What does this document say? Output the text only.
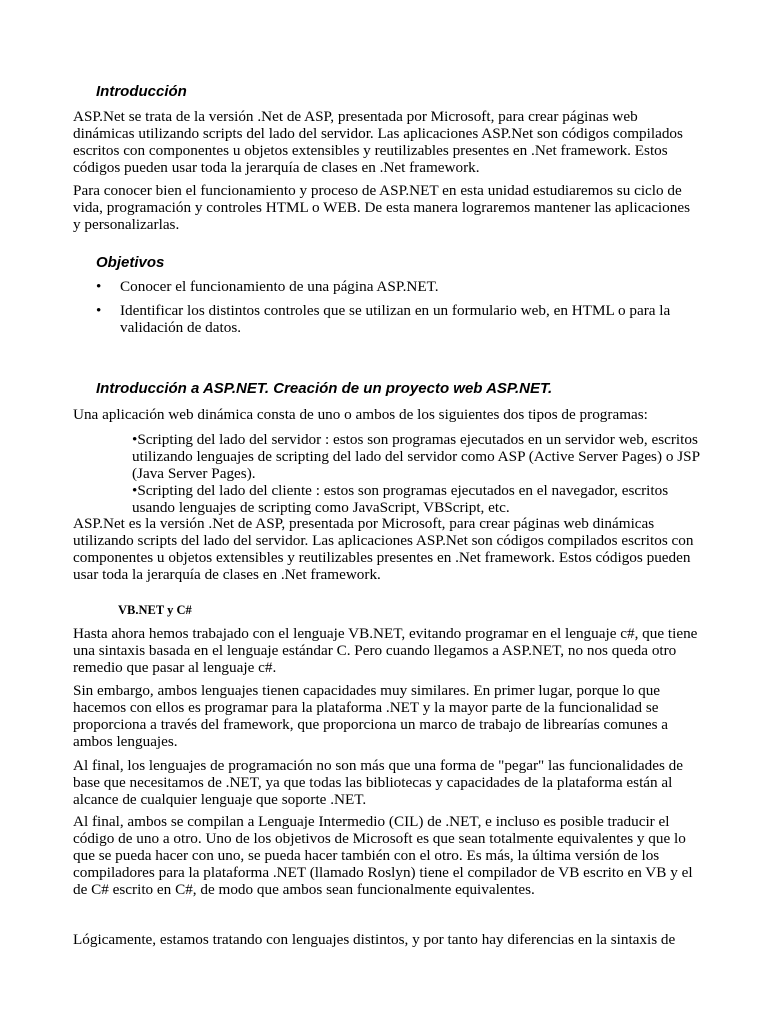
Introducción

ASP.Net se trata de la versión .Net de ASP, presentada por Microsoft, para crear páginas web dinámicas utilizando scripts del lado del servidor. Las aplicaciones ASP.Net son códigos compilados escritos con componentes u objetos extensibles y reutilizables presentes en .Net framework. Estos códigos pueden usar toda la jerarquía de clases en .Net framework.

Para conocer bien el funcionamiento y proceso de ASP.NET en esta unidad estudiaremos su ciclo de vida, programación y controles HTML o WEB. De esta manera lograremos mantener las aplicaciones y personalizarlas.

Objetivos
• Conocer el funcionamiento de una página ASP.NET.
• Identificar los distintos controles que se utilizan en un formulario web, en HTML o para la validación de datos.
Introducción a ASP.NET. Creación de un proyecto web ASP.NET.

Una aplicación web dinámica consta de uno o ambos de los siguientes dos tipos de programas:

•Scripting del lado del servidor : estos son programas ejecutados en un servidor web, escritos utilizando lenguajes de scripting del lado del servidor como ASP (Active Server Pages) o JSP (Java Server Pages).
•Scripting del lado del cliente : estos son programas ejecutados en el navegador, escritos usando lenguajes de scripting como JavaScript, VBScript, etc.

ASP.Net es la versión .Net de ASP, presentada por Microsoft, para crear páginas web dinámicas utilizando scripts del lado del servidor. Las aplicaciones ASP.Net son códigos compilados escritos con componentes u objetos extensibles y reutilizables presentes en .Net framework. Estos códigos pueden usar toda la jerarquía de clases en .Net framework.

VB.NET y C#

Hasta ahora hemos trabajado con el lenguaje VB.NET, evitando programar en el lenguaje c#, que tiene una sintaxis basada en el lenguaje estándar C. Pero cuando llegamos a ASP.NET, no nos queda otro remedio que pasar al lenguaje c#.

Sin embargo, ambos lenguajes tienen capacidades muy similares. En primer lugar, porque lo que hacemos con ellos es programar para la plataforma .NET y la mayor parte de la funcionalidad se proporciona a través del framework, que proporciona un marco de trabajo de librearías comunes a ambos lenguajes.

Al final, los lenguajes de programación no son más que una forma de "pegar" las funcionalidades de base que necesitamos de .NET, ya que todas las bibliotecas y capacidades de la plataforma están al alcance de cualquier lenguaje que soporte .NET.

Al final, ambos se compilan a Lenguaje Intermedio (CIL) de .NET, e incluso es posible traducir el código de uno a otro. Uno de los objetivos de Microsoft es que sean totalmente equivalentes y que lo que se pueda hacer con uno, se pueda hacer también con el otro. Es más, la última versión de los compiladores para la plataforma .NET (llamado Roslyn) tiene el compilador de VB escrito en VB y el de C# escrito en C#, de modo que ambos sean funcionalmente equivalentes.

Lógicamente, estamos tratando con lenguajes distintos, y por tanto hay diferencias en la sintaxis de
